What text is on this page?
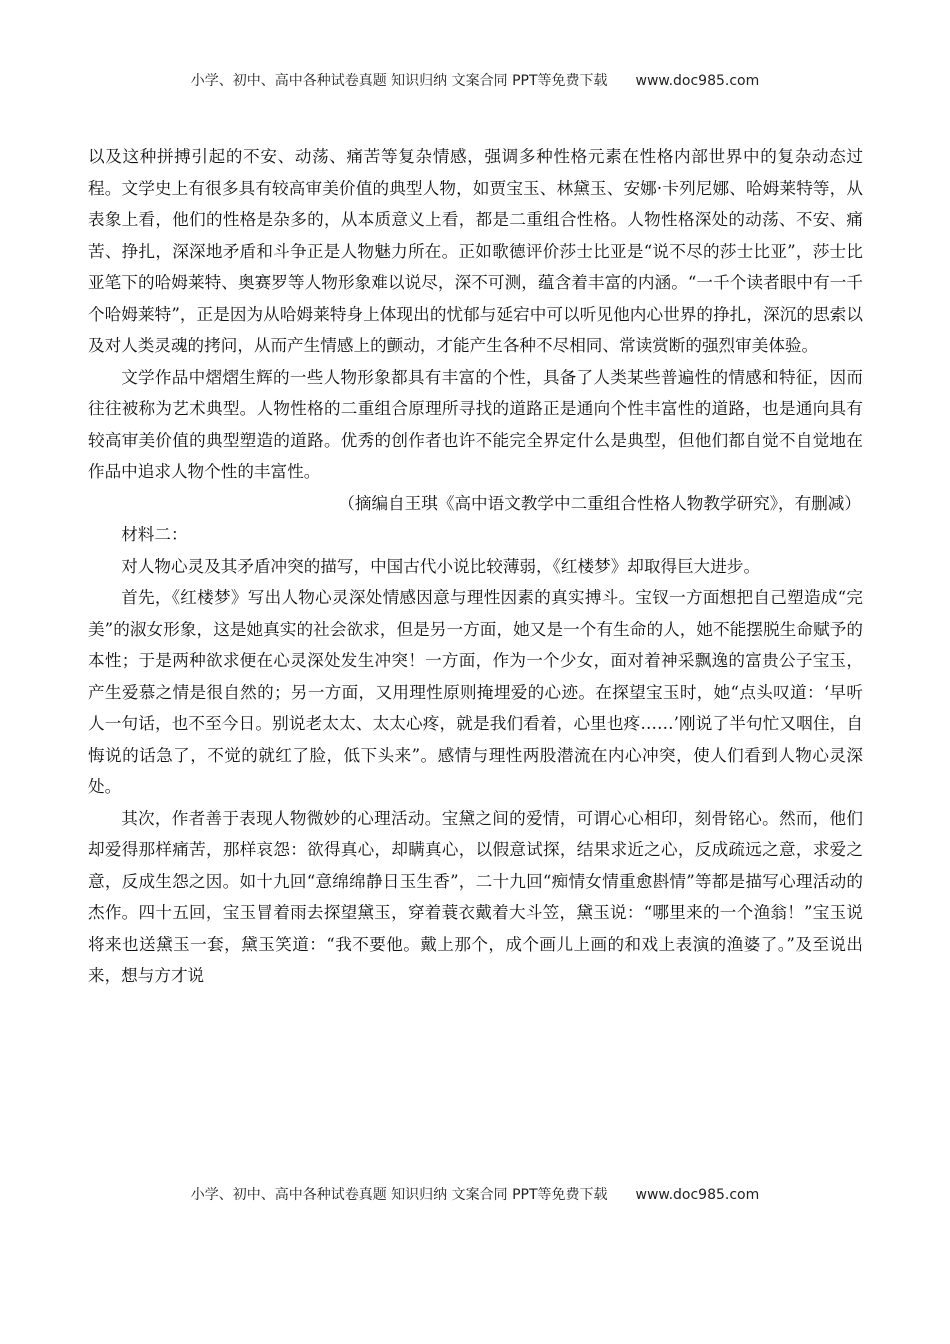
小学、初中、高中各种试卷真题 知识归纳 文案合同 PPT等免费下载 www.doc985.com

以及这种拼搏引起的不安、动荡、痛苦等复杂情感，强调多种性格元素在性格内部世界中的复杂动态过程。文学史上有很多具有较高审美价值的典型人物，如贾宝玉、林黛玉、安娜·卡列尼娜、哈姆莱特等，从表象上看，他们的性格是杂多的，从本质意义上看，都是二重组合性格。人物性格深处的动荡、不安、痛苦、挣扎，深深地矛盾和斗争正是人物魅力所在。正如歌德评价莎士比亚是“说不尽的莎士比亚”，莎士比亚笔下的哈姆莱特、奥赛罗等人物形象难以说尽，深不可测，蕴含着丰富的内涵。“一千个读者眼中有一千个哈姆莱特”，正是因为从哈姆莱特身上体现出的忧郁与延宕中可以听见他内心世界的挣扎，深沉的思索以及对人类灵魂的拷问，从而产生情感上的颤动，才能产生各种不尽相同、常读赏断的强烈审美体验。

文学作品中熠熠生辉的一些人物形象都具有丰富的个性，具备了人类某些普遍性的情感和特征，因而往往被称为艺术典型。人物性格的二重组合原理所寻找的道路正是通向个性丰富性的道路，也是通向具有较高审美价值的典型塑造的道路。优秀的创作者也许不能完全界定什么是典型，但他们都自觉不自觉地在作品中追求人物个性的丰富性。

（摘编自王琪《高中语文教学中二重组合性格人物教学研究》，有删减）

材料二：

对人物心灵及其矛盾冲突的描写，中国古代小说比较薄弱，《红楼梦》却取得巨大进步。

首先，《红楼梦》写出人物心灵深处情感因意与理性因素的真实搏斗。宝钗一方面想把自己塑造成“完美”的淑女形象，这是她真实的社会欲求，但是另一方面，她又是一个有生命的人，她不能摆脱生命赋予的本性；于是两种欲求便在心灵深处发生冲突！一方面，作为一个少女，面对着神采飘逸的富贵公子宝玉，产生爱慕之情是很自然的；另一方面，又用理性原则掩埋爱的心迹。在探望宝玉时，她“点头叹道：‘早听人一句话，也不至今日。别说老太太、太太心疼，就是我们看着，心里也疼……’刚说了半句忙又咽住，自悔说的话急了，不觉的就红了脸，低下头来”。感情与理性两股潜流在内心冲突，使人们看到人物心灵深处。

其次，作者善于表现人物微妙的心理活动。宝黛之间的爱情，可谓心心相印，刻骨铭心。然而，他们却爱得那样痛苦，那样哀怨：欲得真心，却瞒真心，以假意试探，结果求近之心，反成疏远之意，求爱之意，反成生怨之因。如十九回“意绵绵静日玉生香”，二十九回“痴情女情重愈斟情”等都是描写心理活动的杰作。四十五回，宝玉冒着雨去探望黛玉，穿着蓑衣戴着大斗笠，黛玉说：“哪里来的一个渔翁！”宝玉说将来也送黛玉一套，黛玉笑道：“我不要他。戴上那个，成个画儿上画的和戏上表演的渔婆了。”及至说出来，想与方才说

小学、初中、高中各种试卷真题 知识归纳 文案合同 PPT等免费下载 www.doc985.com
